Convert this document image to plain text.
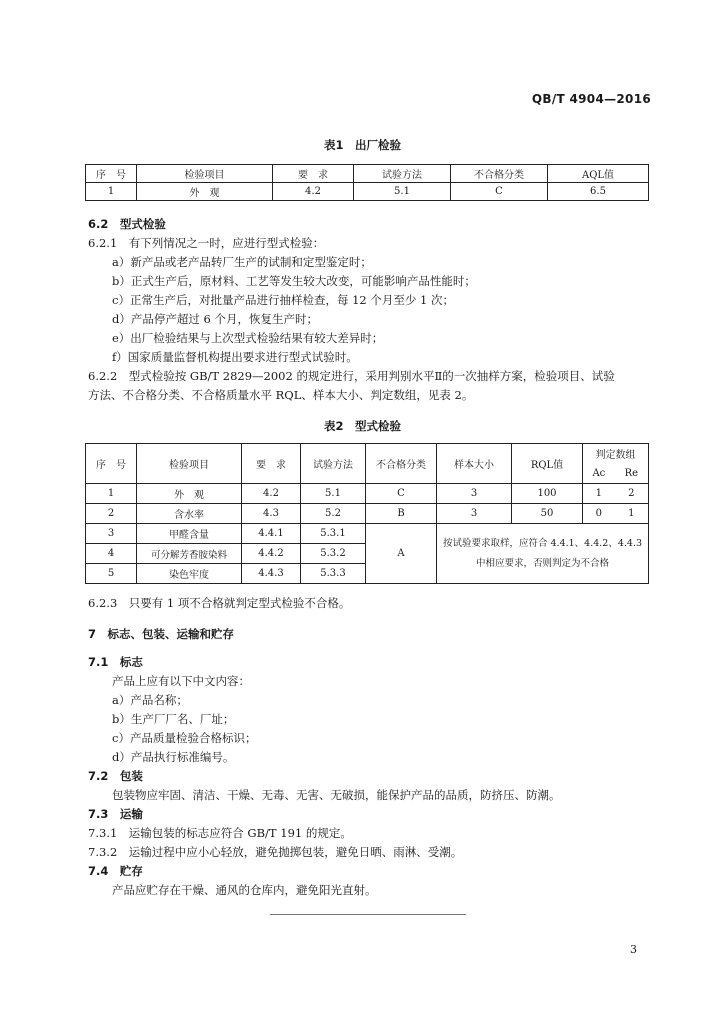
QB/T 4904—2016
表1　出厂检验
序　号	检验项目	要　求	试验方法	不合格分类	AQL值
1	外　观	4.2	5.1	C	6.5
6.2　型式检验
6.2.1　有下列情况之一时，应进行型式检验：
a）新产品或老产品转厂生产的试制和定型鉴定时；
b）正式生产后，原材料、工艺等发生较大改变，可能影响产品性能时；
c）正常生产后，对批量产品进行抽样检查，每 12 个月至少 1 次；
d）产品停产超过 6 个月，恢复生产时；
e）出厂检验结果与上次型式检验结果有较大差异时；
f）国家质量监督机构提出要求进行型式试验时。
6.2.2　型式检验按 GB/T 2829—2002 的规定进行，采用判别水平Ⅱ的一次抽样方案，检验项目、试验
方法、不合格分类、不合格质量水平 RQL、样本大小、判定数组，见表 2。
表2　型式检验
序　号	检验项目	要　求	试验方法	不合格分类	样本大小	RQL值	判定数组	
							Ac	Re
1	外　观	4.2	5.1	C	3	100	1	2
2	含水率	4.3	5.2	B	3	50	0	1
3	甲醛含量	4.4.1	5.3.1	A	按试验要求取样，应符合 4.4.1、4.4.2、4.4.3
中相应要求，否则判定为不合格			

4	可分解芳香胺染料	4.4.2	5.3.2					
5	染色牢度	4.4.3	5.3.3					
6.2.3　只要有 1 项不合格就判定型式检验不合格。
7　标志、包装、运输和贮存
7.1　标志
产品上应有以下中文内容：
a）产品名称；
b）生产厂厂名、厂址；
c）产品质量检验合格标识；
d）产品执行标准编号。
7.2　包装
包装物应牢固、清洁、干燥、无毒、无害、无破损，能保护产品的品质，防挤压、防潮。
7.3　运输
7.3.1　运输包装的标志应符合 GB/T 191 的规定。
7.3.2　运输过程中应小心轻放，避免抛掷包装，避免日晒、雨淋、受潮。
7.4　贮存
产品应贮存在干燥、通风的仓库内，避免阳光直射。
3
